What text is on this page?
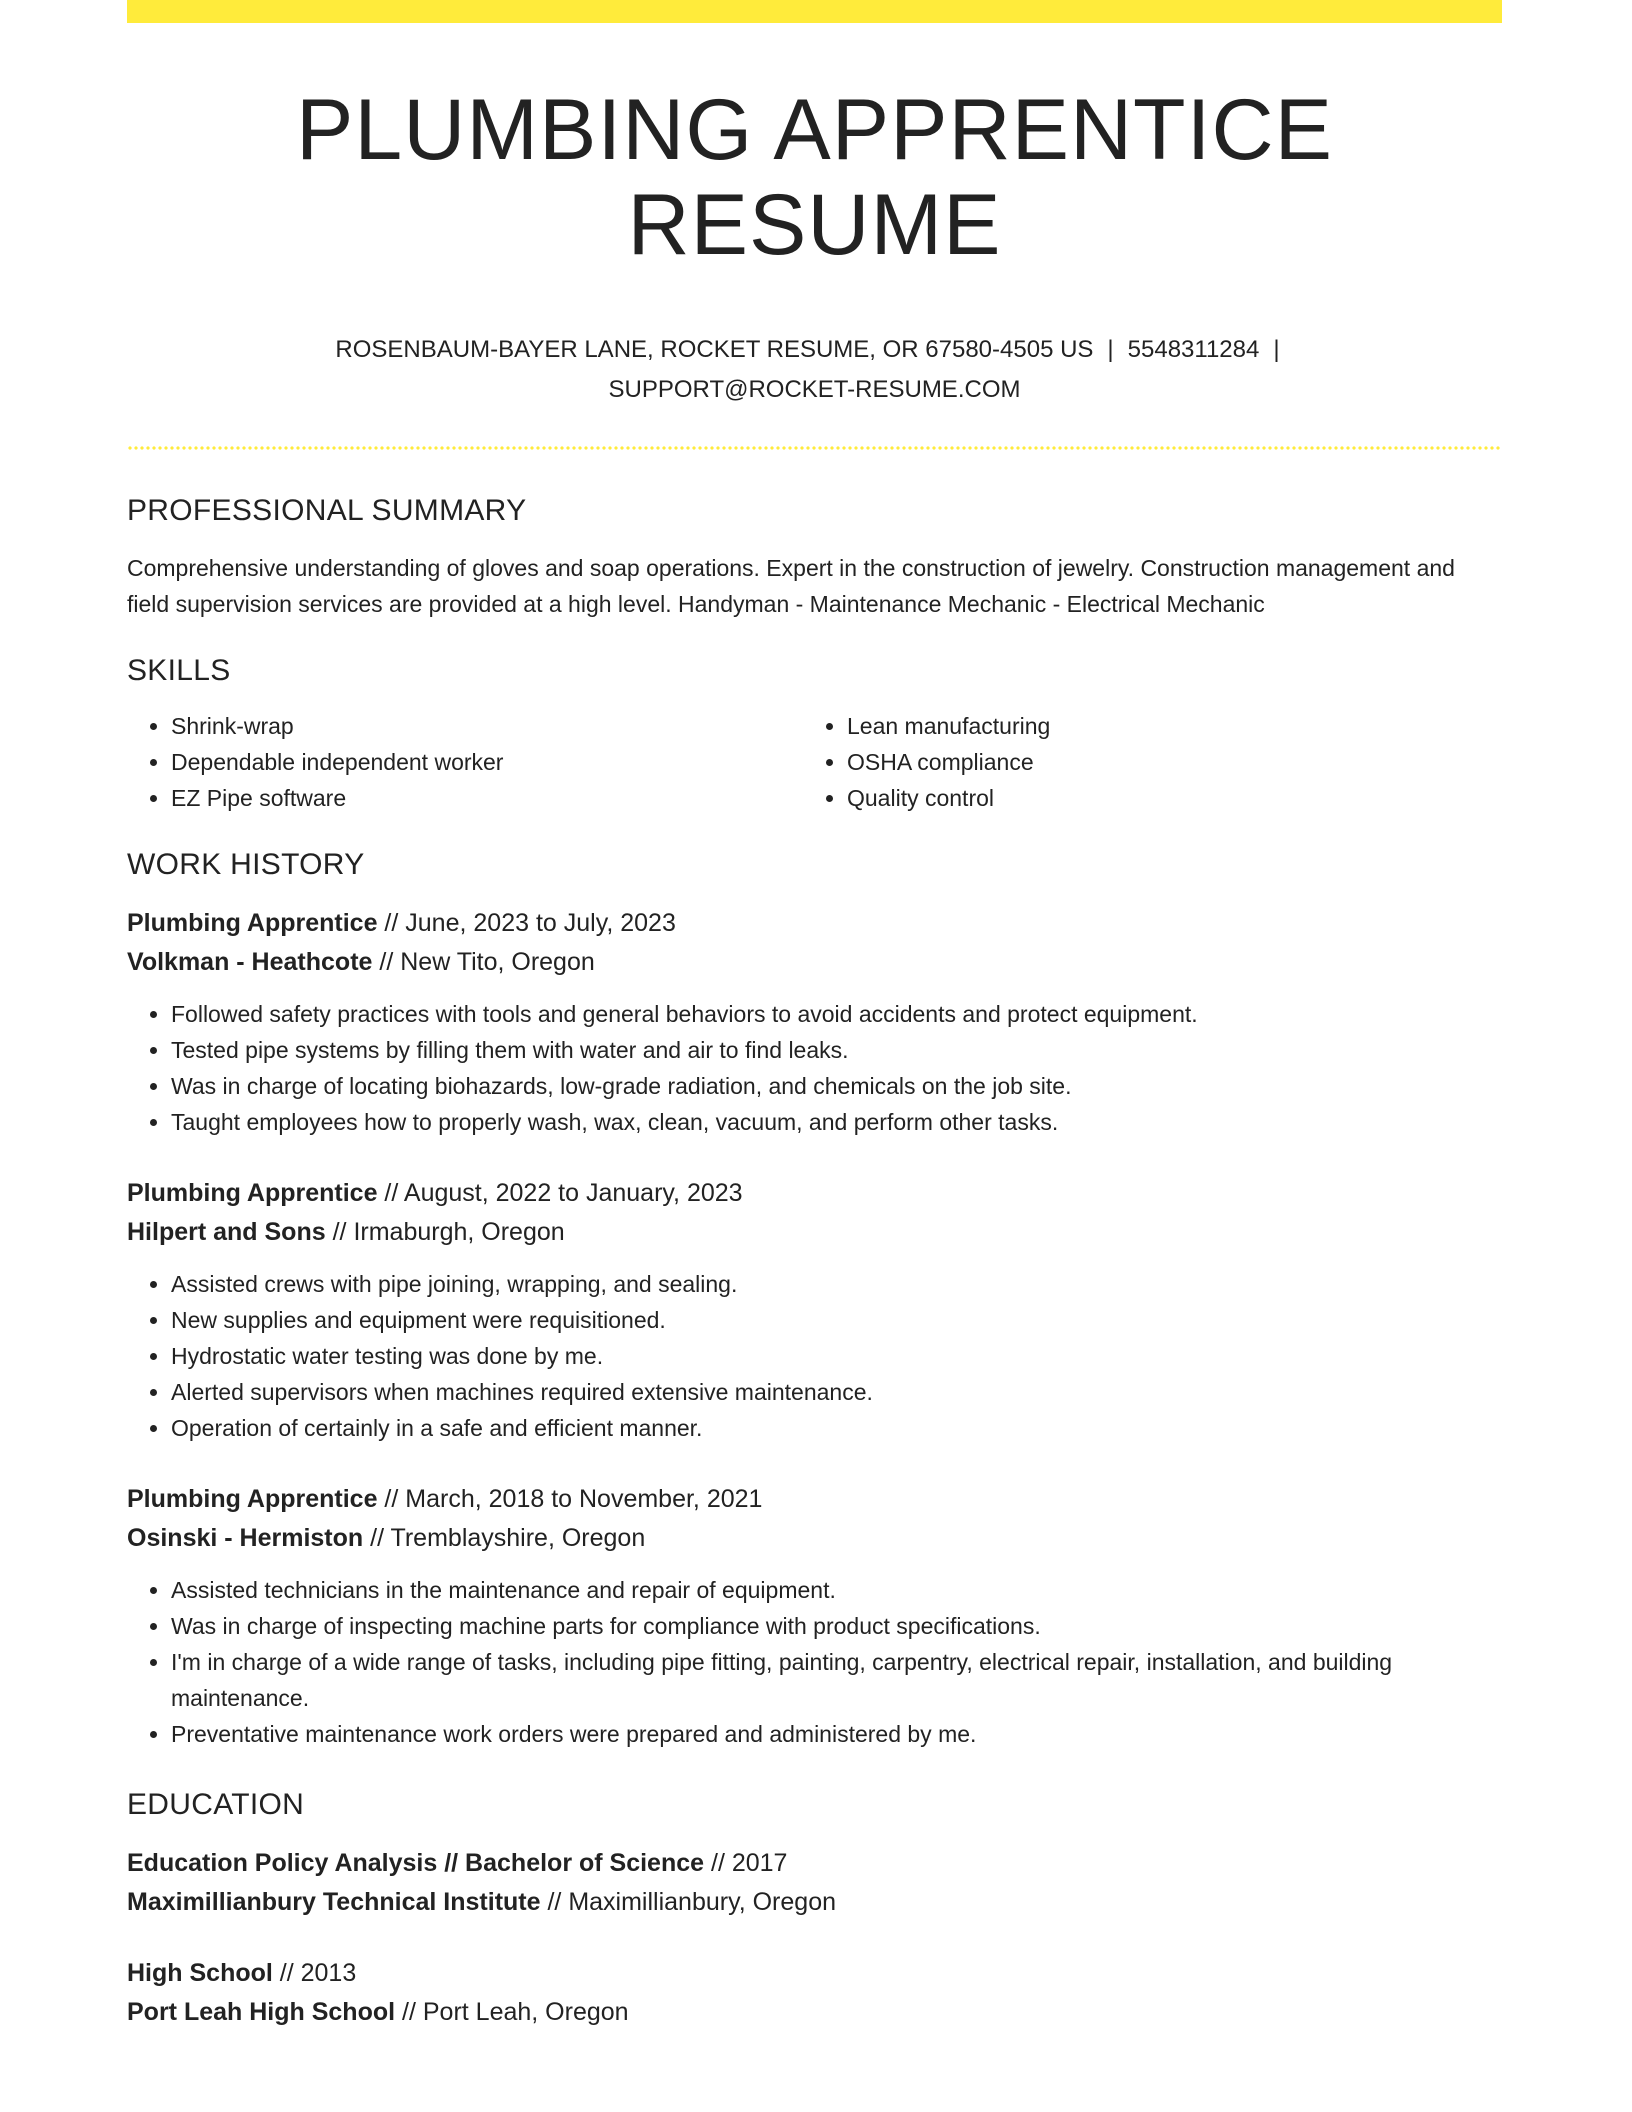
PLUMBING APPRENTICE RESUME
ROSENBAUM-BAYER LANE, ROCKET RESUME, OR 67580-4505 US | 5548311284 |
SUPPORT@ROCKET-RESUME.COM
PROFESSIONAL SUMMARY
Comprehensive understanding of gloves and soap operations. Expert in the construction of jewelry. Construction management and field supervision services are provided at a high level. Handyman - Maintenance Mechanic - Electrical Mechanic
SKILLS
• Shrink-wrap
• Dependable independent worker
• EZ Pipe software
• Lean manufacturing
• OSHA compliance
• Quality control
WORK HISTORY
Plumbing Apprentice // June, 2023 to July, 2023
Volkman - Heathcote // New Tito, Oregon
• Followed safety practices with tools and general behaviors to avoid accidents and protect equipment.
• Tested pipe systems by filling them with water and air to find leaks.
• Was in charge of locating biohazards, low-grade radiation, and chemicals on the job site.
• Taught employees how to properly wash, wax, clean, vacuum, and perform other tasks.
Plumbing Apprentice // August, 2022 to January, 2023
Hilpert and Sons // Irmaburgh, Oregon
• Assisted crews with pipe joining, wrapping, and sealing.
• New supplies and equipment were requisitioned.
• Hydrostatic water testing was done by me.
• Alerted supervisors when machines required extensive maintenance.
• Operation of certainly in a safe and efficient manner.
Plumbing Apprentice // March, 2018 to November, 2021
Osinski - Hermiston // Tremblayshire, Oregon
• Assisted technicians in the maintenance and repair of equipment.
• Was in charge of inspecting machine parts for compliance with product specifications.
• I'm in charge of a wide range of tasks, including pipe fitting, painting, carpentry, electrical repair, installation, and building maintenance.
• Preventative maintenance work orders were prepared and administered by me.
EDUCATION
Education Policy Analysis // Bachelor of Science // 2017
Maximillianbury Technical Institute // Maximillianbury, Oregon
High School // 2013
Port Leah High School // Port Leah, Oregon
